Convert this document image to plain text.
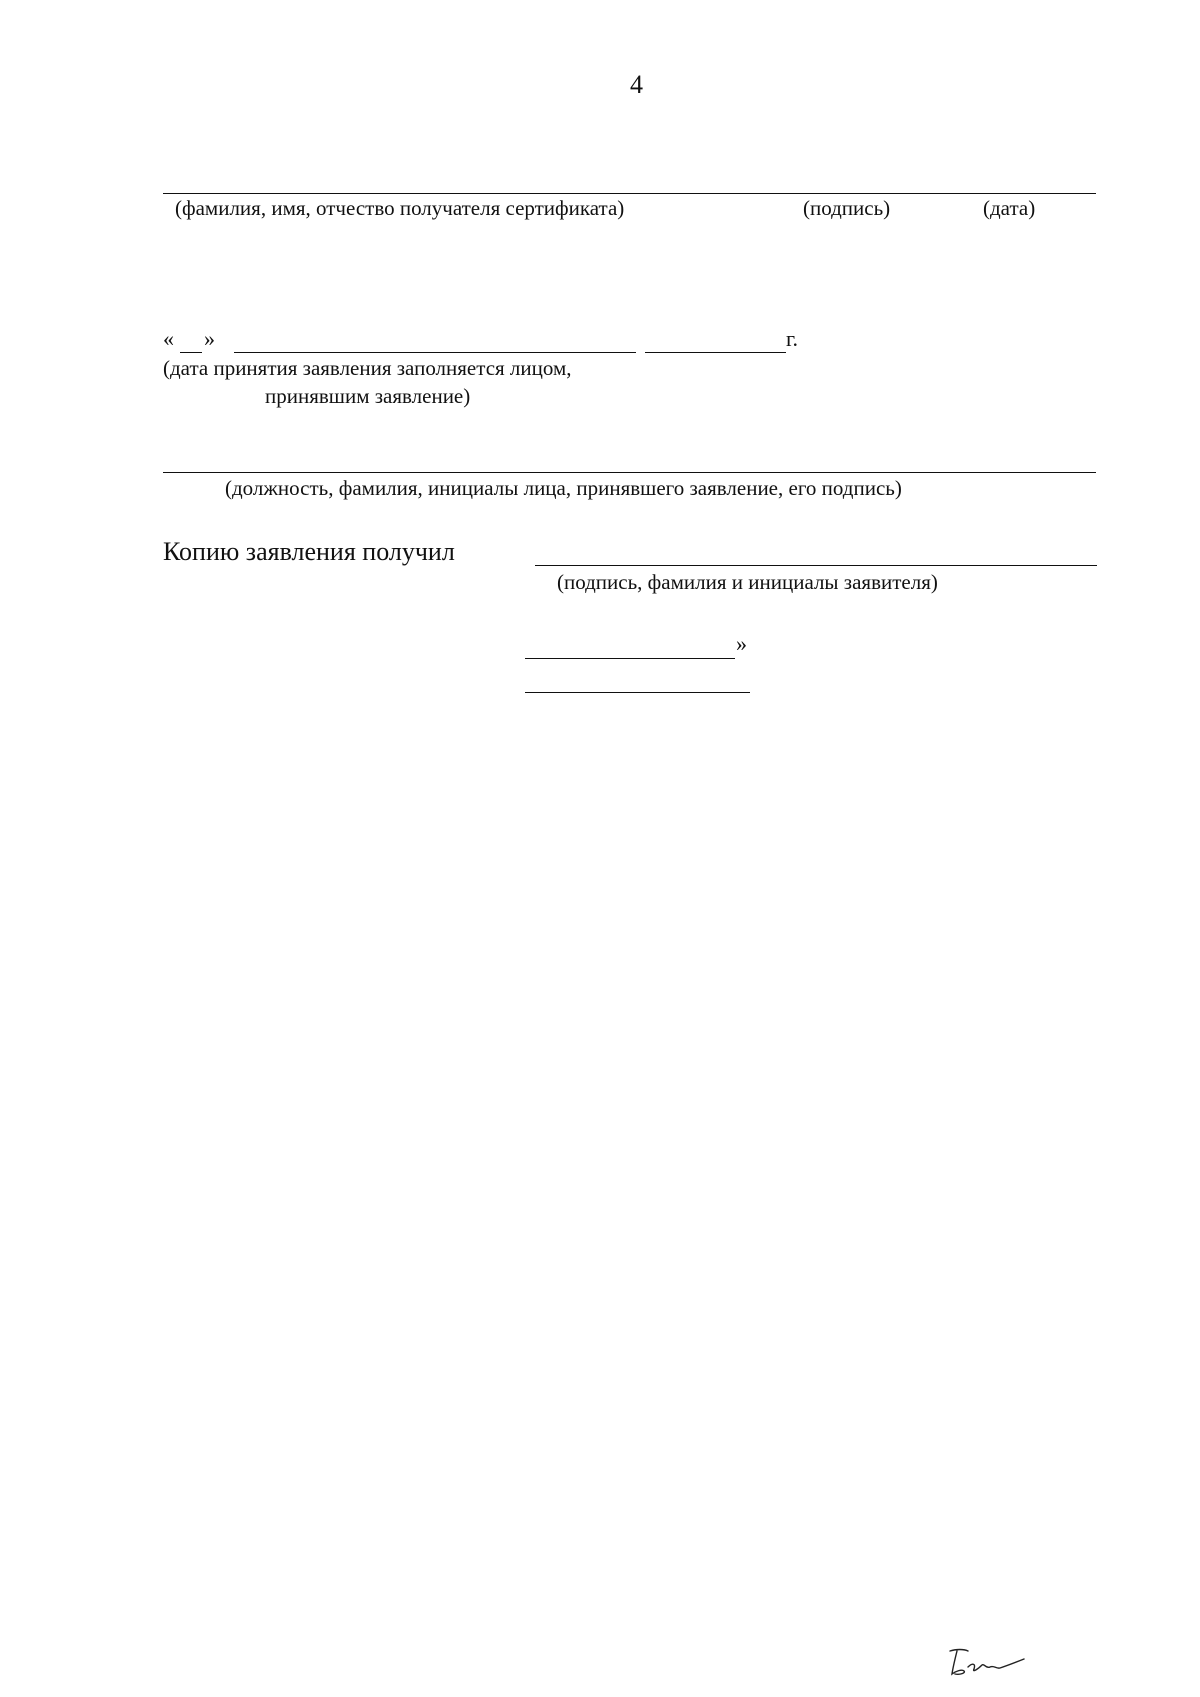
4
(фамилия, имя, отчество получателя сертификата)	(подпись)	(дата)
« »	г.
(дата принятия заявления заполняется лицом,
принявшим заявление)
(должность, фамилия, инициалы лица, принявшего заявление, его подпись)
Копию заявления получил
(подпись, фамилия и инициалы заявителя)
»
